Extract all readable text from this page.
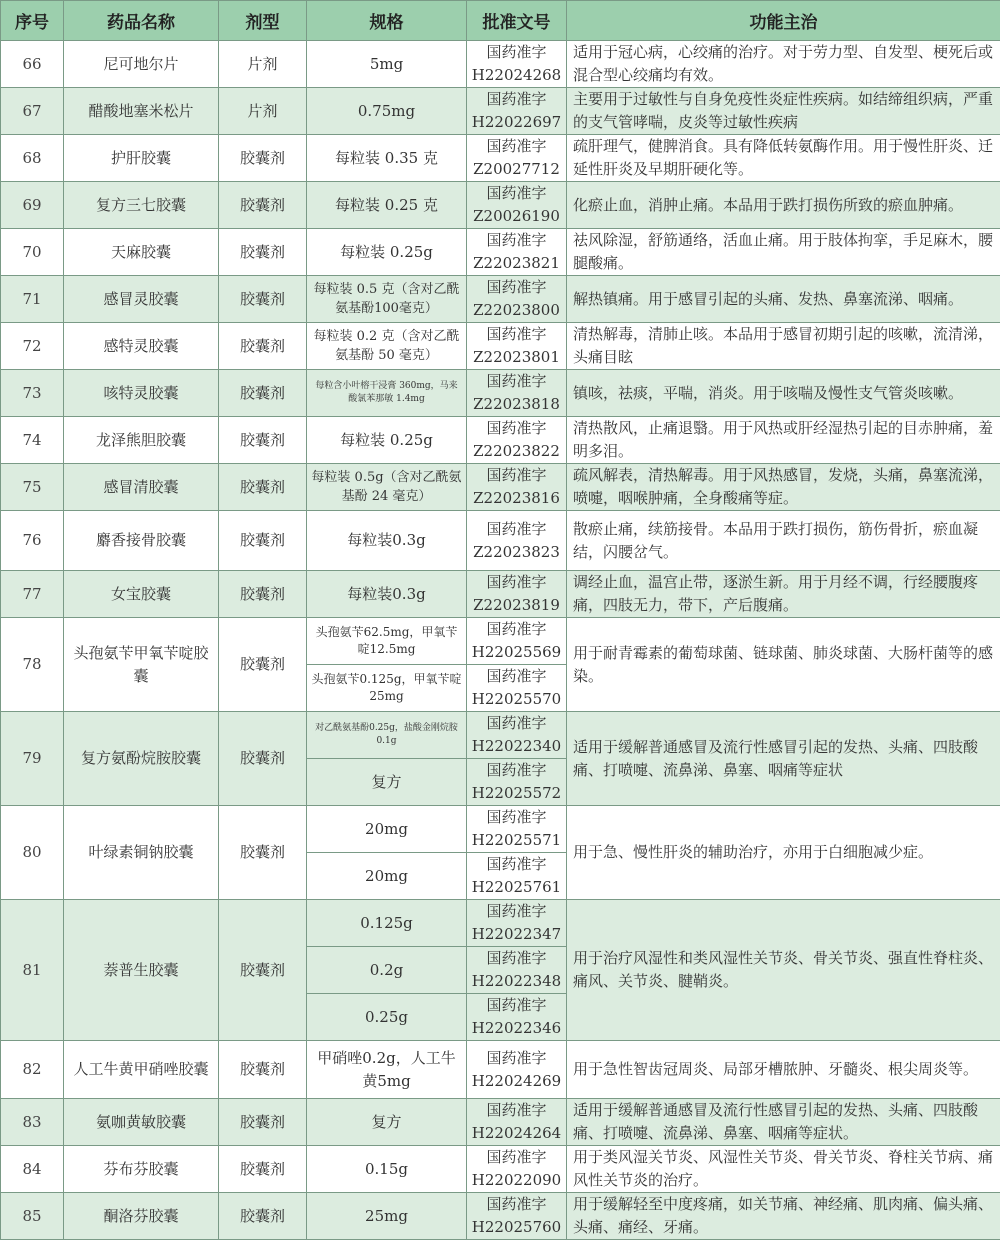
序号	药品名称	剂型	规格	批准文号	功能主治
66	尼可地尔片	片剂	5mg	国药准字
H22024268	适用于冠心病，心绞痛的治疗。对于劳力型、自发型、梗死后或混合型心绞痛均有效。
67	醋酸地塞米松片	片剂	0.75mg	国药准字
H22022697	主要用于过敏性与自身免疫性炎症性疾病。如结缔组织病，严重的支气管哮喘，皮炎等过敏性疾病
68	护肝胶囊	胶囊剂	每粒装 0.35 克	国药准字
Z20027712	疏肝理气，健脾消食。具有降低转氨酶作用。用于慢性肝炎、迁延性肝炎及早期肝硬化等。
69	复方三七胶囊	胶囊剂	每粒装 0.25 克	国药准字
Z20026190	化瘀止血，消肿止痛。本品用于跌打损伤所致的瘀血肿痛。
70	天麻胶囊	胶囊剂	每粒装 0.25g	国药准字
Z22023821	祛风除湿，舒筋通络，活血止痛。用于肢体拘挛，手足麻木，腰腿酸痛。
71	感冒灵胶囊	胶囊剂	每粒装 0.5 克（含对乙酰氨基酚100毫克）	国药准字
Z22023800	解热镇痛。用于感冒引起的头痛、发热、鼻塞流涕、咽痛。
72	感特灵胶囊	胶囊剂	每粒装 0.2 克（含对乙酰氨基酚 50 毫克）	国药准字
Z22023801	清热解毒，清肺止咳。本品用于感冒初期引起的咳嗽，流清涕，头痛目眩
73	咳特灵胶囊	胶囊剂	每粒含小叶榕干浸膏 360mg，马来酸氯苯那敏 1.4mg	国药准字
Z22023818	镇咳，祛痰，平喘，消炎。用于咳喘及慢性支气管炎咳嗽。
74	龙泽熊胆胶囊	胶囊剂	每粒装 0.25g	国药准字
Z22023822	清热散风，止痛退翳。用于风热或肝经湿热引起的目赤肿痛，羞明多泪。
75	感冒清胶囊	胶囊剂	每粒装 0.5g（含对乙酰氨基酚 24 毫克）	国药准字
Z22023816	疏风解表，清热解毒。用于风热感冒，发烧，头痛，鼻塞流涕，喷嚏，咽喉肿痛，全身酸痛等症。
76	麝香接骨胶囊	胶囊剂	每粒装0.3g	国药准字
Z22023823	散瘀止痛，续筋接骨。本品用于跌打损伤，筋伤骨折，瘀血凝结，闪腰岔气。
77	女宝胶囊	胶囊剂	每粒装0.3g	国药准字
Z22023819	调经止血，温宫止带，逐淤生新。用于月经不调，行经腰腹疼痛，四肢无力，带下，产后腹痛。
78	头孢氨苄甲氧苄啶胶囊	胶囊剂	头孢氨苄62.5mg，甲氧苄啶12.5mg	国药准字
H22025569	用于耐青霉素的葡萄球菌、链球菌、肺炎球菌、大肠杆菌等的感染。
			头孢氨苄0.125g，甲氧苄啶25mg	国药准字
H22025570	
79	复方氨酚烷胺胶囊	胶囊剂	对乙酰氨基酚0.25g，盐酸金刚烷胺0.1g	国药准字
H22022340	适用于缓解普通感冒及流行性感冒引起的发热、头痛、四肢酸痛、打喷嚏、流鼻涕、鼻塞、咽痛等症状
			复方	国药准字
H22025572	
80	叶绿素铜钠胶囊	胶囊剂	20mg	国药准字
H22025571	用于急、慢性肝炎的辅助治疗，亦用于白细胞减少症。
			20mg	国药准字
H22025761	
81	萘普生胶囊	胶囊剂	0.125g	国药准字
H22022347	用于治疗风湿性和类风湿性关节炎、骨关节炎、强直性脊柱炎、痛风、关节炎、腱鞘炎。
			0.2g	国药准字
H22022348	
			0.25g	国药准字
H22022346	
82	人工牛黄甲硝唑胶囊	胶囊剂	甲硝唑0.2g，人工牛黄5mg	国药准字
H22024269	用于急性智齿冠周炎、局部牙槽脓肿、牙髓炎、根尖周炎等。
83	氨咖黄敏胶囊	胶囊剂	复方	国药准字
H22024264	适用于缓解普通感冒及流行性感冒引起的发热、头痛、四肢酸痛、打喷嚏、流鼻涕、鼻塞、咽痛等症状。
84	芬布芬胶囊	胶囊剂	0.15g	国药准字
H22022090	用于类风湿关节炎、风湿性关节炎、骨关节炎、脊柱关节病、痛风性关节炎的治疗。
85	酮洛芬胶囊	胶囊剂	25mg	国药准字
H22025760	用于缓解轻至中度疼痛，如关节痛、神经痛、肌肉痛、偏头痛、头痛、痛经、牙痛。
